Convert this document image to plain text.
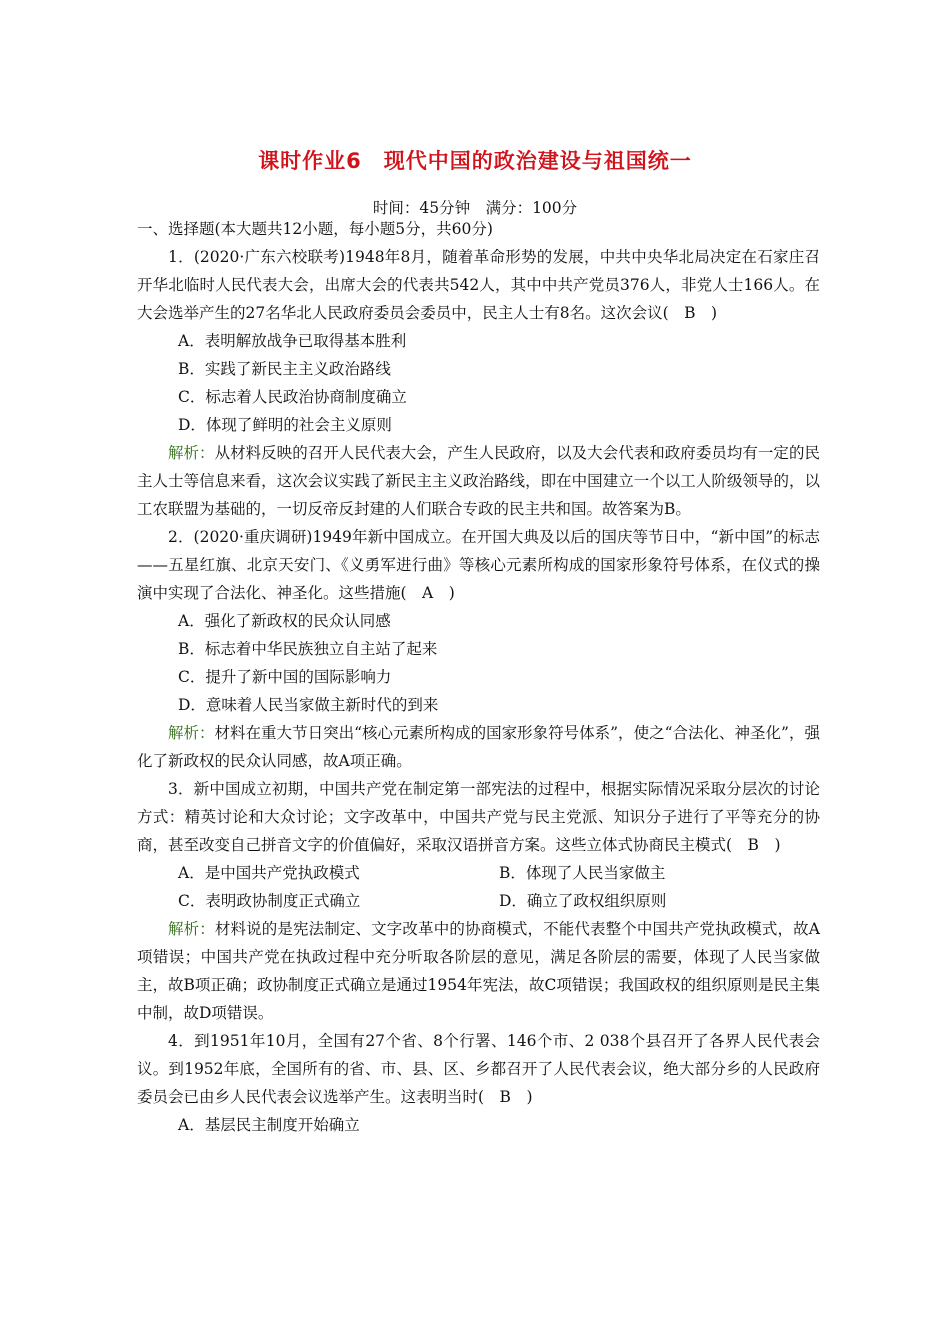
课时作业6　现代中国的政治建设与祖国统一
时间：45分钟　满分：100分

一、选择题(本大题共12小题，每小题5分，共60分)

1．(2020·广东六校联考)1948年8月，随着革命形势的发展，中共中央华北局决定在石家庄召开华北临时人民代表大会，出席大会的代表共542人，其中中共产党员376人，非党人士166人。在大会选举产生的27名华北人民政府委员会委员中，民主人士有8名。这次会议(　B　)

A．表明解放战争已取得基本胜利

B．实践了新民主主义政治路线

C．标志着人民政治协商制度确立

D．体现了鲜明的社会主义原则

解析：从材料反映的召开人民代表大会，产生人民政府，以及大会代表和政府委员均有一定的民主人士等信息来看，这次会议实践了新民主主义政治路线，即在中国建立一个以工人阶级领导的，以工农联盟为基础的，一切反帝反封建的人们联合专政的民主共和国。故答案为B。

2．(2020·重庆调研)1949年新中国成立。在开国大典及以后的国庆等节日中，“新中国”的标志——五星红旗、北京天安门、《义勇军进行曲》等核心元素所构成的国家形象符号体系，在仪式的操演中实现了合法化、神圣化。这些措施(　A　)

A．强化了新政权的民众认同感

B．标志着中华民族独立自主站了起来

C．提升了新中国的国际影响力

D．意味着人民当家做主新时代的到来

解析：材料在重大节日突出“核心元素所构成的国家形象符号体系”，使之“合法化、神圣化”，强化了新政权的民众认同感，故A项正确。

3．新中国成立初期，中国共产党在制定第一部宪法的过程中，根据实际情况采取分层次的讨论方式：精英讨论和大众讨论；文字改革中，中国共产党与民主党派、知识分子进行了平等充分的协商，甚至改变自己拼音文字的价值偏好，采取汉语拼音方案。这些立体式协商民主模式(　B　)

A．是中国共产党执政模式	B．体现了人民当家做主
C．表明政协制度正式确立	D．确立了政权组织原则

解析：材料说的是宪法制定、文字改革中的协商模式，不能代表整个中国共产党执政模式，故A项错误；中国共产党在执政过程中充分听取各阶层的意见，满足各阶层的需要，体现了人民当家做主，故B项正确；政协制度正式确立是通过1954年宪法，故C项错误；我国政权的组织原则是民主集中制，故D项错误。

4．到1951年10月，全国有27个省、8个行署、146个市、2 038个县召开了各界人民代表会议。到1952年底，全国所有的省、市、县、区、乡都召开了人民代表会议，绝大部分乡的人民政府委员会已由乡人民代表会议选举产生。这表明当时(　B　)

A．基层民主制度开始确立
